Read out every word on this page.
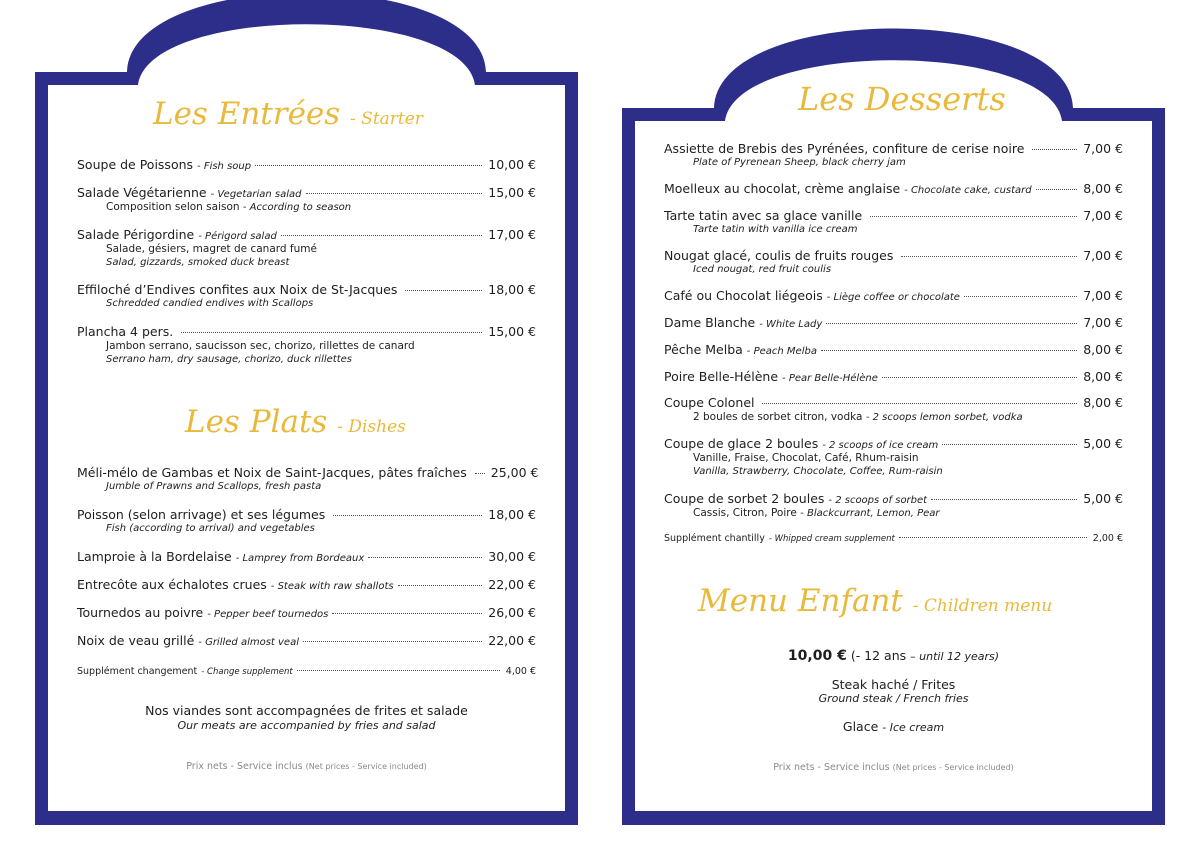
Les Entrées - Starter
Soupe de Poissons - Fish soup	10,00 €
Salade Végétarienne - Vegetarian salad	15,00 €
Composition selon saison - According to season
Salade Périgordine - Périgord salad	17,00 €
Salade, gésiers, magret de canard fumé
Salad, gizzards, smoked duck breast
Effiloché d’Endives confites aux Noix de St-Jacques	18,00 €
Schredded candied endives with Scallops
Plancha 4 pers.	15,00 €
Jambon serrano, saucisson sec, chorizo, rillettes de canard
Serrano ham, dry sausage, chorizo, duck rillettes
Les Plats - Dishes
Méli-mélo de Gambas et Noix de Saint-Jacques, pâtes fraîches 25,00 €
Jumble of Prawns and Scallops, fresh pasta
Poisson (selon arrivage) et ses légumes	18,00 €
Fish (according to arrival) and vegetables
Lamproie à la Bordelaise - Lamprey from Bordeaux	30,00 €
Entrecôte aux échalotes crues - Steak with raw shallots	22,00 €
Tournedos au poivre - Pepper beef tournedos	26,00 €
Noix de veau grillé - Grilled almost veal	22,00 €
Supplément changement - Change supplement	4,00 €
Nos viandes sont accompagnées de frites et salade
Our meats are accompanied by fries and salad
Prix nets - Service inclus (Net prices - Service included)
Les Desserts
Assiette de Brebis des Pyrénées, confiture de cerise noire	7,00 €
Plate of Pyrenean Sheep, black cherry jam
Moelleux au chocolat, crème anglaise - Chocolate cake, custard	8,00 €
Tarte tatin avec sa glace vanille	7,00 €
Tarte tatin with vanilla ice cream
Nougat glacé, coulis de fruits rouges	7,00 €
Iced nougat, red fruit coulis
Café ou Chocolat liégeois - Liège coffee or chocolate	7,00 €
Dame Blanche - White Lady	7,00 €
Pêche Melba - Peach Melba	8,00 €
Poire Belle-Hélène - Pear Belle-Hélène	8,00 €
Coupe Colonel	8,00 €
2 boules de sorbet citron, vodka - 2 scoops lemon sorbet, vodka
Coupe de glace 2 boules - 2 scoops of ice cream	5,00 €
Vanille, Fraise, Chocolat, Café, Rhum-raisin
Vanilla, Strawberry, Chocolate, Coffee, Rum-raisin
Coupe de sorbet 2 boules - 2 scoops of sorbet	5,00 €
Cassis, Citron, Poire - Blackcurrant, Lemon, Pear
Supplément chantilly - Whipped cream supplement	2,00 €
Menu Enfant - Children menu
10,00 € (- 12 ans – until 12 years)
Steak haché / Frites
Ground steak / French fries
Glace - Ice cream
Prix nets - Service inclus (Net prices - Service included)
